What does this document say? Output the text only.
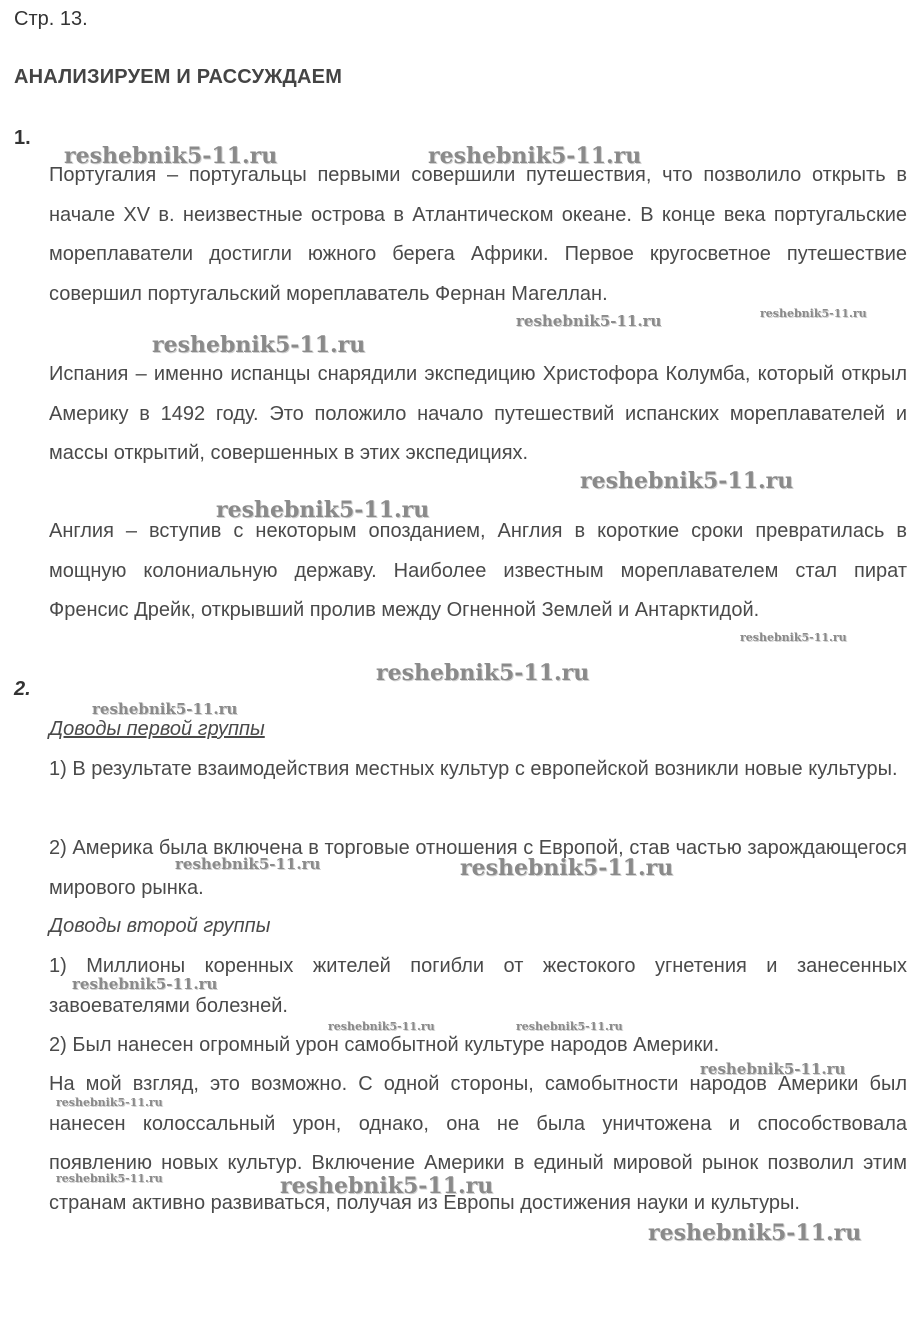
Стр. 13.
АНАЛИЗИРУЕМ И РАССУЖДАЕМ
1.

Португалия – португальцы первыми совершили путешествия, что позволило открыть в начале XV в. неизвестные острова в Атлантическом океане. В конце века португальские мореплаватели достигли южного берега Африки. Первое кругосветное путешествие совершил португальский мореплаватель Фернан Магеллан.

Испания – именно испанцы снарядили экспедицию Христофора Колумба, который открыл Америку в 1492 году. Это положило начало путешествий испанских мореплавателей и массы открытий, совершенных в этих экспедициях.

Англия – вступив с некоторым опозданием, Англия в короткие сроки превратилась в мощную колониальную державу. Наиболее известным мореплавателем стал пират Френсис Дрейк, открывший пролив между Огненной Землей и Антарктидой.

2.
Доводы первой группы

1) В результате взаимодействия местных культур с европейской возникли новые культуры.

2) Америка была включена в торговые отношения с Европой, став частью зарождающегося мирового рынка.

Доводы второй группы

1) Миллионы коренных жителей погибли от жестокого угнетения и занесенных завоевателями болезней.

2) Был нанесен огромный урон самобытной культуре народов Америки.

На мой взгляд, это возможно. С одной стороны, самобытности народов Америки был нанесен колоссальный урон, однако, она не была уничтожена и способствовала появлению новых культур. Включение Америки в единый мировой рынок позволил этим странам активно развиваться, получая из Европы достижения науки и культуры.

reshebnik5-11.ru	reshebnik5-11.ru
reshebnik5-11.ru	reshebnik5-11.ru
reshebnik5-11.ru
reshebnik5-11.ru
reshebnik5-11.ru
reshebnik5-11.ru
reshebnik5-11.ru
reshebnik5-11.ru
reshebnik5-11.ru	reshebnik5-11.ru
reshebnik5-11.ru
reshebnik5-11.ru	reshebnik5-11.ru
reshebnik5-11.ru
reshebnik5-11.ru
reshebnik5-11.ru	reshebnik5-11.ru
reshebnik5-11.ru
